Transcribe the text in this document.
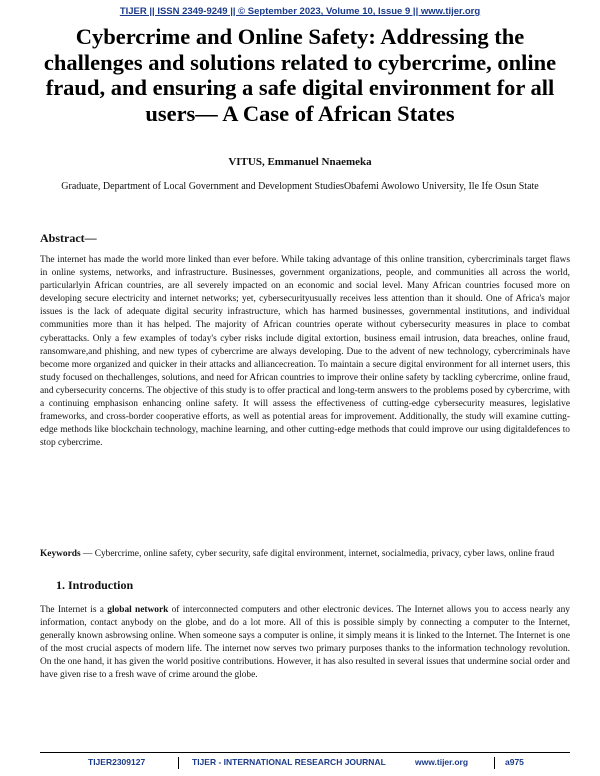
TIJER || ISSN 2349-9249 || © September 2023, Volume 10, Issue 9 || www.tijer.org
Cybercrime and Online Safety: Addressing the challenges and solutions related to cybercrime, online fraud, and ensuring a safe digital environment for all users— A Case of African States
VITUS, Emmanuel Nnaemeka
Graduate, Department of Local Government and Development StudiesObafemi Awolowo University, Ile Ife Osun State
Abstract—
The internet has made the world more linked than ever before. While taking advantage of this online transition, cybercriminals target flaws in online systems, networks, and infrastructure. Businesses, government organizations, people, and communities all across the world, particularlyin African countries, are all severely impacted on an economic and social level. Many African countries focused more on developing secure electricity and internet networks; yet, cybersecurityusually receives less attention than it should. One of Africa's major issues is the lack of adequate digital security infrastructure, which has harmed businesses, governmental institutions, and individual communities more than it has helped. The majority of African countries operate without cybersecurity measures in place to combat cyberattacks. Only a few examples of today's cyber risks include digital extortion, business email intrusion, data breaches, online fraud, ransomware,and phishing, and new types of cybercrime are always developing. Due to the advent of new technology, cybercriminals have become more organized and quicker in their attacks and alliancecreation. To maintain a secure digital environment for all internet users, this study focused on thechallenges, solutions, and need for African countries to improve their online safety by tackling cybercrime, online fraud, and cybersecurity concerns. The objective of this study is to offer practical and long-term answers to the problems posed by cybercrime, with a continuing emphasison enhancing online safety. It will assess the effectiveness of cutting-edge cybersecurity measures, legislative frameworks, and cross-border cooperative efforts, as well as potential areas for improvement. Additionally, the study will examine cutting-edge methods like blockchain technology, machine learning, and other cutting-edge methods that could improve our using digitaldefences to stop cybercrime.
Keywords — Cybercrime, online safety, cyber security, safe digital environment, internet, socialmedia, privacy, cyber laws, online fraud
1. Introduction
The Internet is a global network of interconnected computers and other electronic devices. The Internet allows you to access nearly any information, contact anybody on the globe, and do a lot more. All of this is possible simply by connecting a computer to the Internet, generally known asbrowsing online. When someone says a computer is online, it simply means it is linked to the Internet. The Internet is one of the most crucial aspects of modern life. The internet now serves two primary purposes thanks to the information technology revolution. On the one hand, it has given the world positive contributions. However, it has also resulted in several issues that undermine social order and have given rise to a fresh wave of crime around the globe.
TIJER2309127	TIJER - INTERNATIONAL RESEARCH JOURNAL	www.tijer.org	a975
